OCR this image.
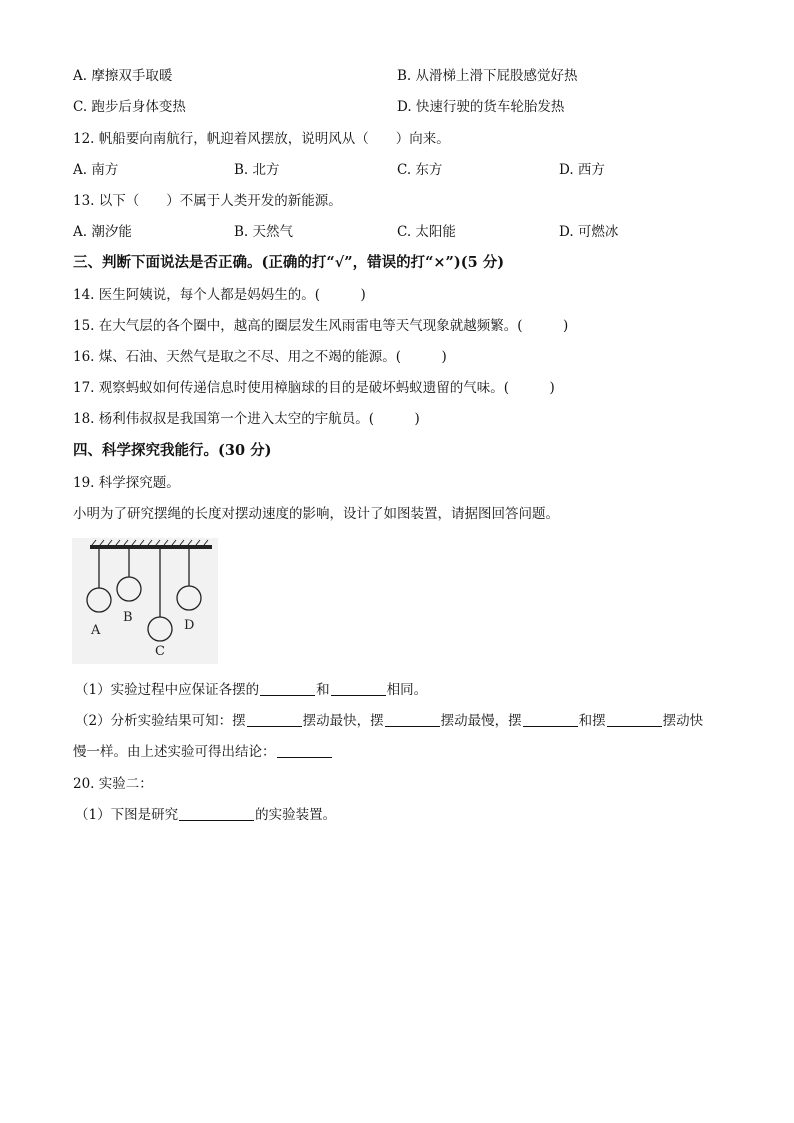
A. 摩擦双手取暖	B. 从滑梯上滑下屁股感觉好热
C. 跑步后身体变热	D. 快速行驶的货车轮胎发热
12. 帆船要向南航行，帆迎着风摆放，说明风从（　　）向来。
A. 南方	B. 北方	C. 东方	D. 西方
13. 以下（　　）不属于人类开发的新能源。
A. 潮汐能	B. 天然气	C. 太阳能	D. 可燃冰
三、判断下面说法是否正确。(正确的打“√”，错误的打“×”)(5 分)
14. 医生阿姨说，每个人都是妈妈生的。(　　　)
15. 在大气层的各个圈中，越高的圈层发生风雨雷电等天气现象就越频繁。(　　　)
16. 煤、石油、天然气是取之不尽、用之不竭的能源。(　　　)
17. 观察蚂蚁如何传递信息时使用樟脑球的目的是破坏蚂蚁遗留的气味。(　　　)
18. 杨利伟叔叔是我国第一个进入太空的宇航员。(　　　)
四、科学探究我能行。(30 分)
19. 科学探究题。
小明为了研究摆绳的长度对摆动速度的影响，设计了如图装置，请据图回答问题。
A
B
C
D
（1）实验过程中应保证各摆的	和	相同。
（2）分析实验结果可知：摆	摆动最快，摆	摆动最慢，摆	和摆	摆动快
慢一样。由上述实验可得出结论：
20. 实验二：
（1）下图是研究	的实验装置。
